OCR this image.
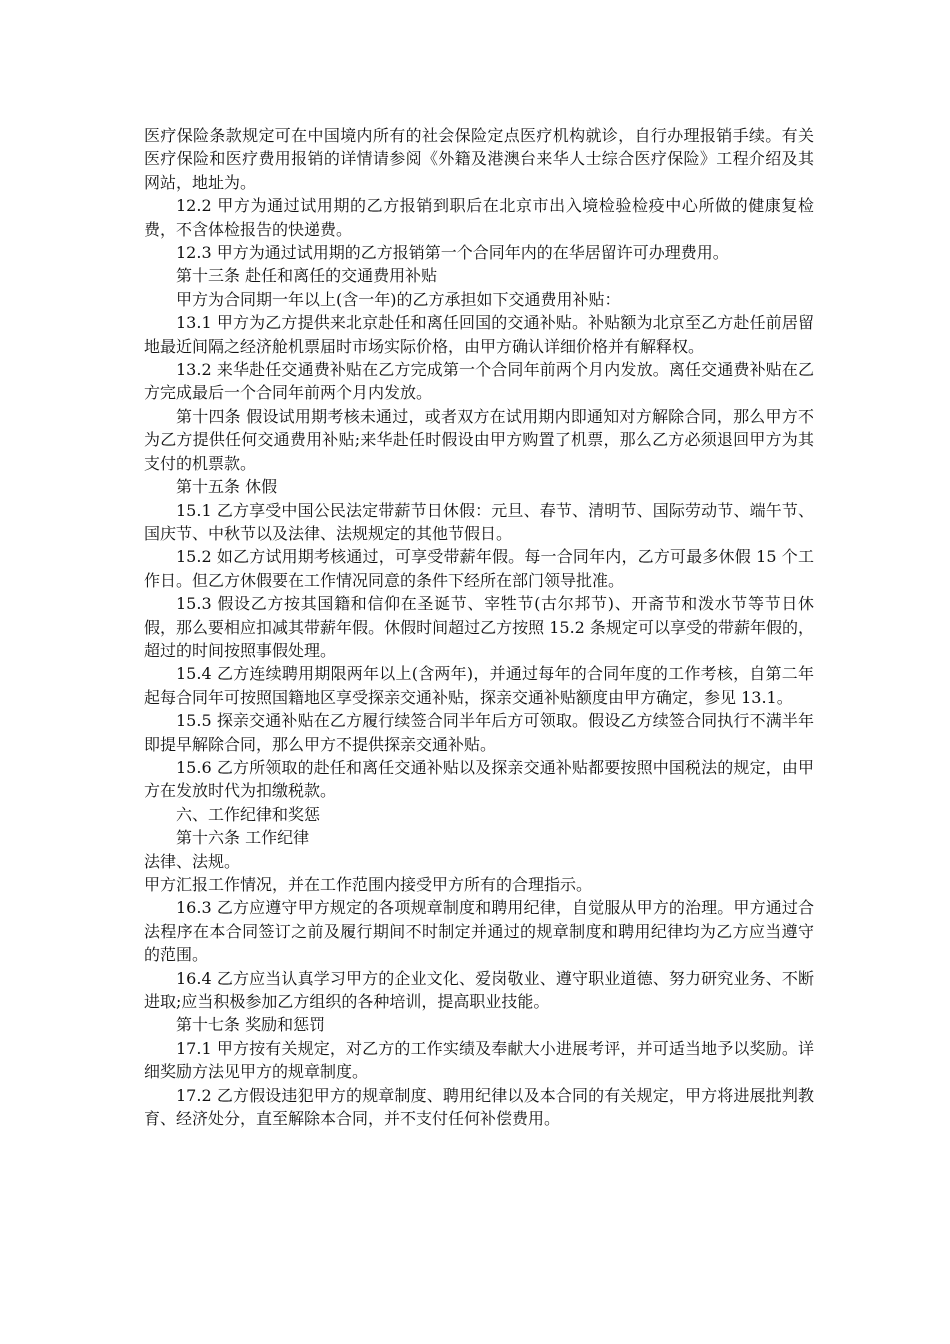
医疗保险条款规定可在中国境内所有的社会保险定点医疗机构就诊，自行办理报销手续。有关医疗保险和医疗费用报销的详情请参阅《外籍及港澳台来华人士综合医疗保险》工程介绍及其网站，地址为。

12.2 甲方为通过试用期的乙方报销到职后在北京市出入境检验检疫中心所做的健康复检费，不含体检报告的快递费。

12.3 甲方为通过试用期的乙方报销第一个合同年内的在华居留许可办理费用。

第十三条 赴任和离任的交通费用补贴

甲方为合同期一年以上(含一年)的乙方承担如下交通费用补贴：

13.1 甲方为乙方提供来北京赴任和离任回国的交通补贴。补贴额为北京至乙方赴任前居留地最近间隔之经济舱机票届时市场实际价格，由甲方确认详细价格并有解释权。

13.2 来华赴任交通费补贴在乙方完成第一个合同年前两个月内发放。离任交通费补贴在乙方完成最后一个合同年前两个月内发放。

第十四条 假设试用期考核未通过，或者双方在试用期内即通知对方解除合同，那么甲方不为乙方提供任何交通费用补贴;来华赴任时假设由甲方购置了机票，那么乙方必须退回甲方为其支付的机票款。

第十五条 休假

15.1 乙方享受中国公民法定带薪节日休假：元旦、春节、清明节、国际劳动节、端午节、国庆节、中秋节以及法律、法规规定的其他节假日。

15.2 如乙方试用期考核通过，可享受带薪年假。每一合同年内，乙方可最多休假 15 个工作日。但乙方休假要在工作情况同意的条件下经所在部门领导批准。

15.3 假设乙方按其国籍和信仰在圣诞节、宰牲节(古尔邦节)、开斋节和泼水节等节日休假，那么要相应扣减其带薪年假。休假时间超过乙方按照 15.2 条规定可以享受的带薪年假的，超过的时间按照事假处理。

15.4 乙方连续聘用期限两年以上(含两年)，并通过每年的合同年度的工作考核，自第二年起每合同年可按照国籍地区享受探亲交通补贴，探亲交通补贴额度由甲方确定，参见 13.1。

15.5 探亲交通补贴在乙方履行续签合同半年后方可领取。假设乙方续签合同执行不满半年即提早解除合同，那么甲方不提供探亲交通补贴。

15.6 乙方所领取的赴任和离任交通补贴以及探亲交通补贴都要按照中国税法的规定，由甲方在发放时代为扣缴税款。

六、工作纪律和奖惩

第十六条 工作纪律

法律、法规。

甲方汇报工作情况，并在工作范围内接受甲方所有的合理指示。

16.3 乙方应遵守甲方规定的各项规章制度和聘用纪律，自觉服从甲方的治理。甲方通过合法程序在本合同签订之前及履行期间不时制定并通过的规章制度和聘用纪律均为乙方应当遵守的范围。

16.4 乙方应当认真学习甲方的企业文化、爱岗敬业、遵守职业道德、努力研究业务、不断进取;应当积极参加乙方组织的各种培训，提高职业技能。

第十七条 奖励和惩罚

17.1 甲方按有关规定，对乙方的工作实绩及奉献大小进展考评，并可适当地予以奖励。详细奖励方法见甲方的规章制度。

17.2 乙方假设违犯甲方的规章制度、聘用纪律以及本合同的有关规定，甲方将进展批判教育、经济处分，直至解除本合同，并不支付任何补偿费用。
